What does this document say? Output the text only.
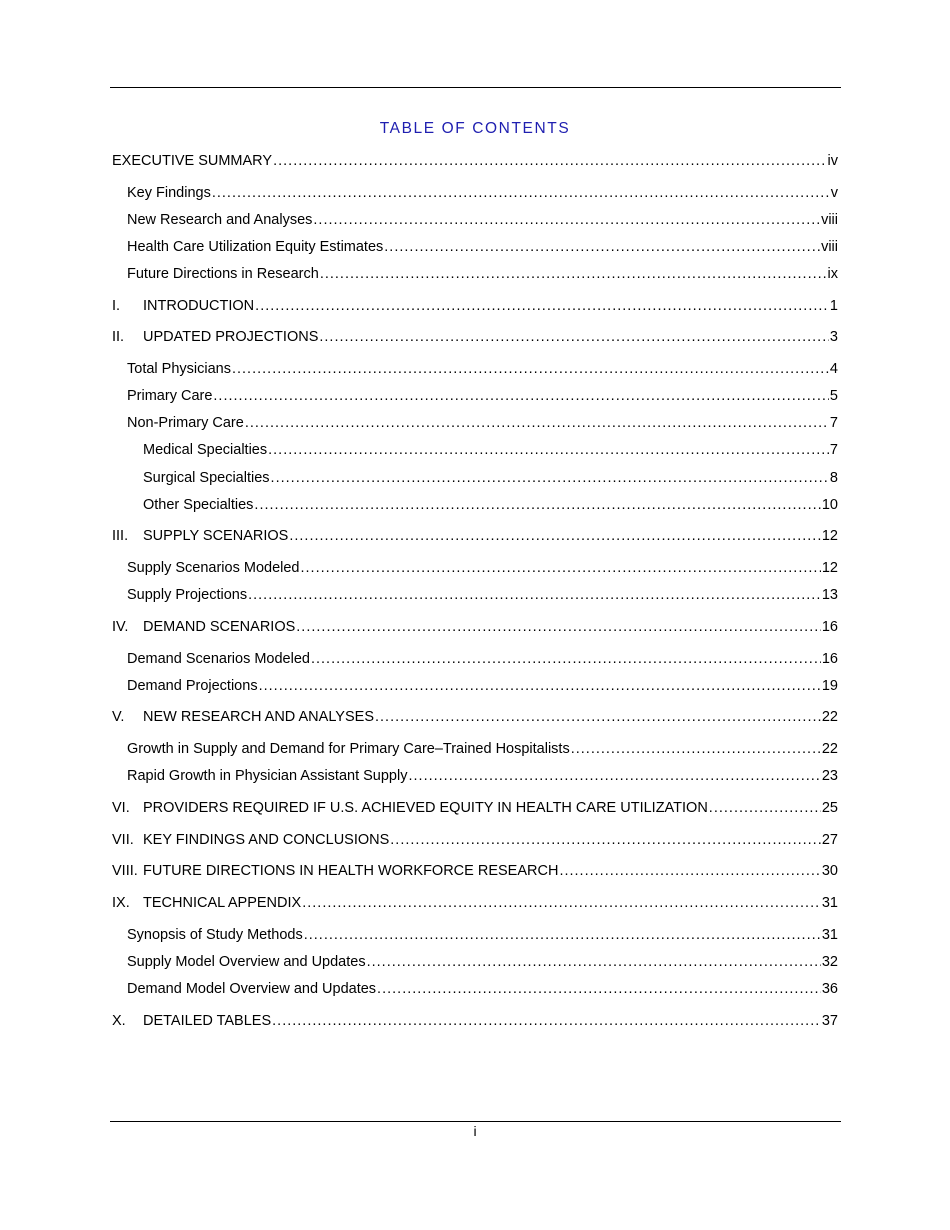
TABLE OF CONTENTS
EXECUTIVE SUMMARY .....	iv
Key Findings .....	v
New Research and Analyses .....	viii
Health Care Utilization Equity Estimates .....	viii
Future Directions in Research .....	ix
I.	INTRODUCTION .....	1
II.	UPDATED PROJECTIONS .....	3
Total Physicians .....	4
Primary Care .....	5
Non-Primary Care .....	7
Medical Specialties .....	7
Surgical Specialties .....	8
Other Specialties .....	10
III.	SUPPLY SCENARIOS .....	12
Supply Scenarios Modeled .....	12
Supply Projections .....	13
IV.	DEMAND SCENARIOS .....	16
Demand Scenarios Modeled .....	16
Demand Projections .....	19
V.	NEW RESEARCH AND ANALYSES .....	22
Growth in Supply and Demand for Primary Care–Trained Hospitalists .....	22
Rapid Growth in Physician Assistant Supply .....	23
VI. PROVIDERS REQUIRED IF U.S. ACHIEVED EQUITY IN HEALTH CARE UTILIZATION .....	25
VII. KEY FINDINGS AND CONCLUSIONS .....	27
VIII. FUTURE DIRECTIONS IN HEALTH WORKFORCE RESEARCH .....	30
IX. TECHNICAL APPENDIX .....	31
Synopsis of Study Methods .....	31
Supply Model Overview and Updates .....	32
Demand Model Overview and Updates .....	36
X.	DETAILED TABLES .....	37
i
